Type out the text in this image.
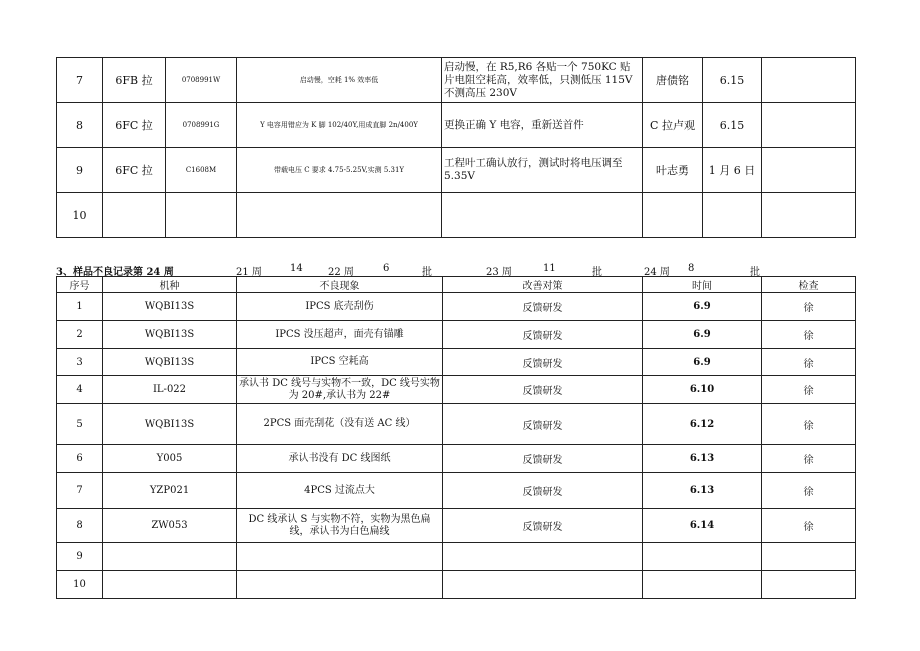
7	6FB 拉	0708991W	启动慢，空耗 1% 效率低	启动慢，在 R5,R6 各贴一个 750KC 贴片电阻空耗高，效率低，只测低压 115V 不测高压 230V	唐债铭	6.15	
8	6FC 拉	0708991G	Y 电容用错应为 K 脚 102/40Y,用成直脚 2n/400Y	更换正确 Y 电容，重新送首件	C 拉卢观	6.15	
9	6FC 拉	C1608M	带载电压 C 要求 4.75-5.25V,实测 5.31Y	工程叶工确认放行，测试时将电压调至 5.35V	叶志勇	1 月 6 日	
10							
3、样品不良记录第 24 周	21 周	14	22 周	6	批	23 周	11	批	24 周 8	批
序号	机种	不良现象	改善对策	时间	检查
1	WQBI13S	IPCS 底壳刮伤	反馈研发	6.9	徐
2	WQBI13S	IPCS 没压超声，面壳有锚雕	反馈研发	6.9	徐
3	WQBI13S	IPCS 空耗高	反馈研发	6.9	徐
4	IL-022	承认书 DC 线号与实物不一致，DC 线号实物为 20#,承认书为 22#	反馈研发	6.10	徐
5	WQBI13S	2PCS 面壳刮花（没有送 AC 线）	反馈研发	6.12	徐
6	Y005	承认书没有 DC 线图纸	反馈研发	6.13	徐
7	YZP021	4PCS 过流点大	反馈研发	6.13	徐
8	ZW053	DC 线承认 S 与实物不符，实物为黑色扁线，承认书为白色扁线	反馈研发	6.14	徐
9					
10					
